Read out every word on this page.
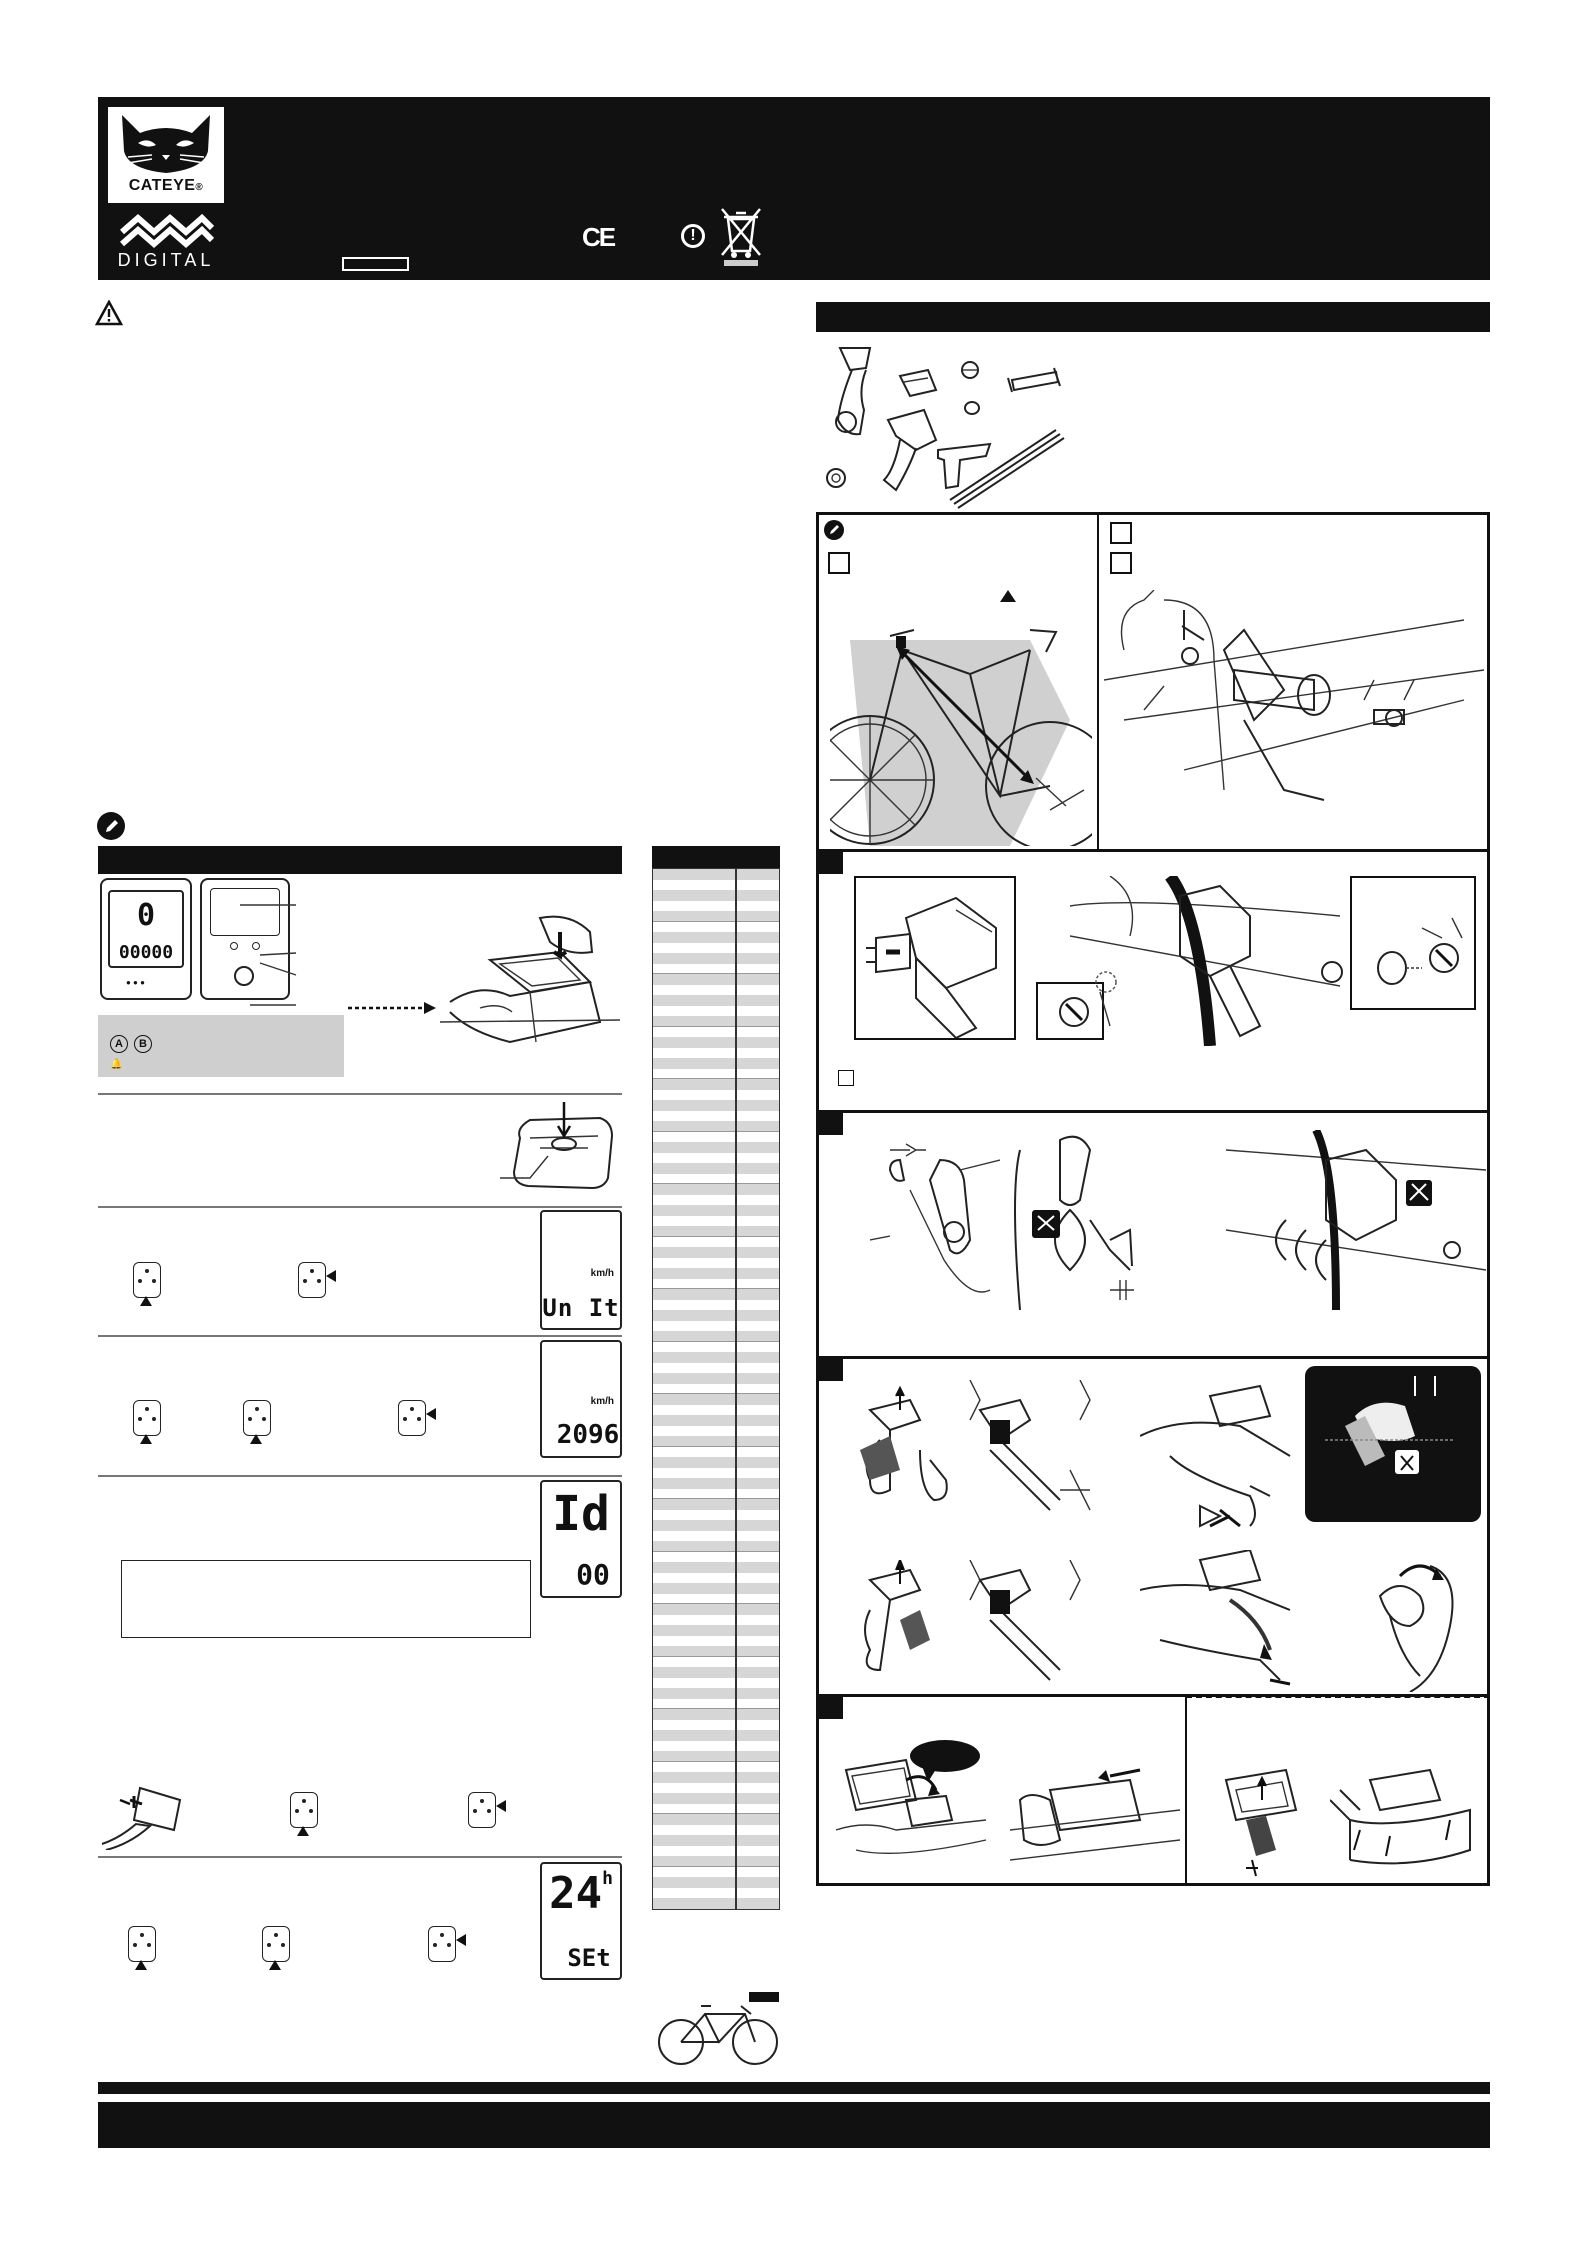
CATEYE®
DIGITAL
CE	!
0
00000
● ● ●
A	B
🔔
km/h
Un It
km/h
2096
Id
00
24$^h$
SEt
